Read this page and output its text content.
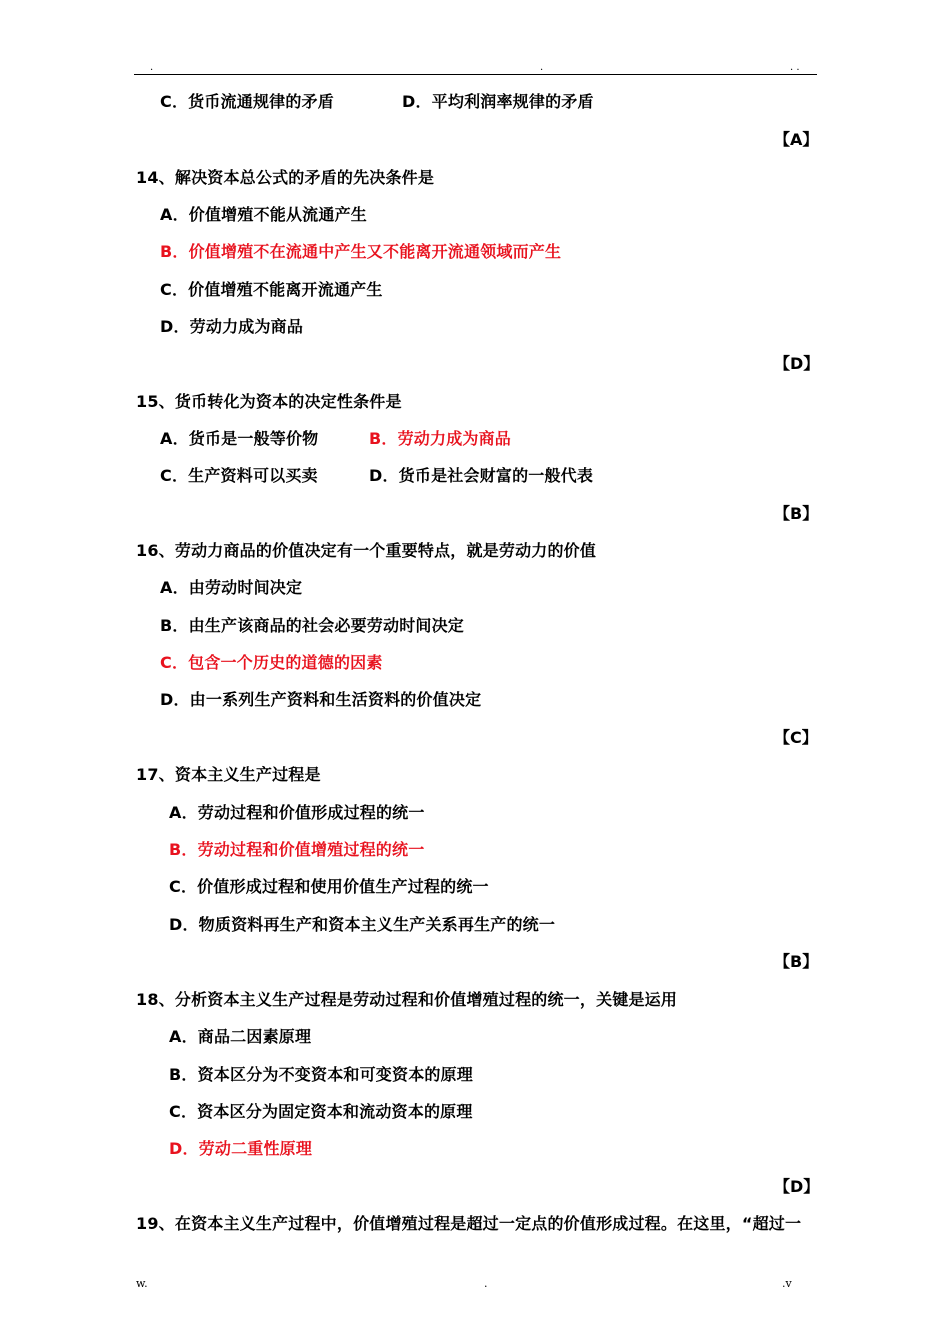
.	.	. .
C．货币流通规律的矛盾	D．平均利润率规律的矛盾
【A】
14、解决资本总公式的矛盾的先决条件是
A．价值增殖不能从流通产生
B．价值增殖不在流通中产生又不能离开流通领域而产生
C．价值增殖不能离开流通产生
D．劳动力成为商品
【D】
15、货币转化为资本的决定性条件是
A．货币是一般等价物	B．劳动力成为商品
C．生产资料可以买卖	D．货币是社会财富的一般代表
【B】
16、劳动力商品的价值决定有一个重要特点，就是劳动力的价值
A．由劳动时间决定
B．由生产该商品的社会必要劳动时间决定
C．包含一个历史的道德的因素
D．由一系列生产资料和生活资料的价值决定
【C】
17、资本主义生产过程是
A．劳动过程和价值形成过程的统一
B．劳动过程和价值增殖过程的统一
C．价值形成过程和使用价值生产过程的统一
D．物质资料再生产和资本主义生产关系再生产的统一
【B】
18、分析资本主义生产过程是劳动过程和价值增殖过程的统一，关键是运用
A．商品二因素原理
B．资本区分为不变资本和可变资本的原理
C．资本区分为固定资本和流动资本的原理
D．劳动二重性原理
【D】
19、在资本主义生产过程中，价值增殖过程是超过一定点的价值形成过程。在这里，“超过一
w.	.	.v
